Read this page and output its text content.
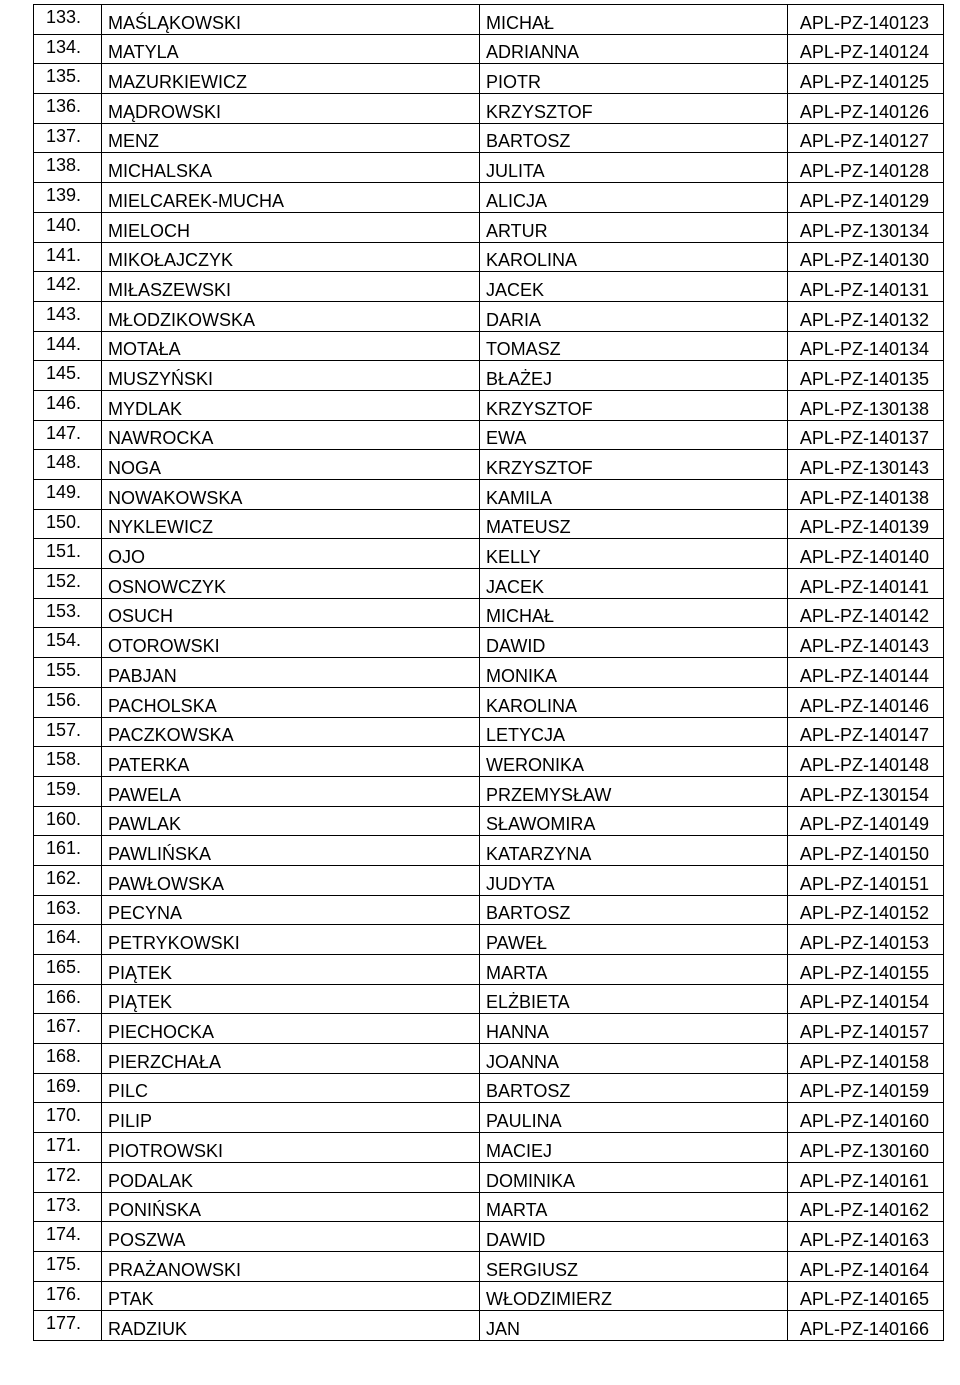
133.	MAŚLĄKOWSKI	MICHAŁ	APL-PZ-140123
134.	MATYLA	ADRIANNA	APL-PZ-140124
135.	MAZURKIEWICZ	PIOTR	APL-PZ-140125
136.	MĄDROWSKI	KRZYSZTOF	APL-PZ-140126
137.	MENZ	BARTOSZ	APL-PZ-140127
138.	MICHALSKA	JULITA	APL-PZ-140128
139.	MIELCAREK-MUCHA	ALICJA	APL-PZ-140129
140.	MIELOCH	ARTUR	APL-PZ-130134
141.	MIKOŁAJCZYK	KAROLINA	APL-PZ-140130
142.	MIŁASZEWSKI	JACEK	APL-PZ-140131
143.	MŁODZIKOWSKA	DARIA	APL-PZ-140132
144.	MOTAŁA	TOMASZ	APL-PZ-140134
145.	MUSZYŃSKI	BŁAŻEJ	APL-PZ-140135
146.	MYDLAK	KRZYSZTOF	APL-PZ-130138
147.	NAWROCKA	EWA	APL-PZ-140137
148.	NOGA	KRZYSZTOF	APL-PZ-130143
149.	NOWAKOWSKA	KAMILA	APL-PZ-140138
150.	NYKLEWICZ	MATEUSZ	APL-PZ-140139
151.	OJO	KELLY	APL-PZ-140140
152.	OSNOWCZYK	JACEK	APL-PZ-140141
153.	OSUCH	MICHAŁ	APL-PZ-140142
154.	OTOROWSKI	DAWID	APL-PZ-140143
155.	PABJAN	MONIKA	APL-PZ-140144
156.	PACHOLSKA	KAROLINA	APL-PZ-140146
157.	PACZKOWSKA	LETYCJA	APL-PZ-140147
158.	PATERKA	WERONIKA	APL-PZ-140148
159.	PAWELA	PRZEMYSŁAW	APL-PZ-130154
160.	PAWLAK	SŁAWOMIRA	APL-PZ-140149
161.	PAWLIŃSKA	KATARZYNA	APL-PZ-140150
162.	PAWŁOWSKA	JUDYTA	APL-PZ-140151
163.	PECYNA	BARTOSZ	APL-PZ-140152
164.	PETRYKOWSKI	PAWEŁ	APL-PZ-140153
165.	PIĄTEK	MARTA	APL-PZ-140155
166.	PIĄTEK	ELŻBIETA	APL-PZ-140154
167.	PIECHOCKA	HANNA	APL-PZ-140157
168.	PIERZCHAŁA	JOANNA	APL-PZ-140158
169.	PILC	BARTOSZ	APL-PZ-140159
170.	PILIP	PAULINA	APL-PZ-140160
171.	PIOTROWSKI	MACIEJ	APL-PZ-130160
172.	PODALAK	DOMINIKA	APL-PZ-140161
173.	PONIŃSKA	MARTA	APL-PZ-140162
174.	POSZWA	DAWID	APL-PZ-140163
175.	PRAŻANOWSKI	SERGIUSZ	APL-PZ-140164
176.	PTAK	WŁODZIMIERZ	APL-PZ-140165
177.	RADZIUK	JAN	APL-PZ-140166
